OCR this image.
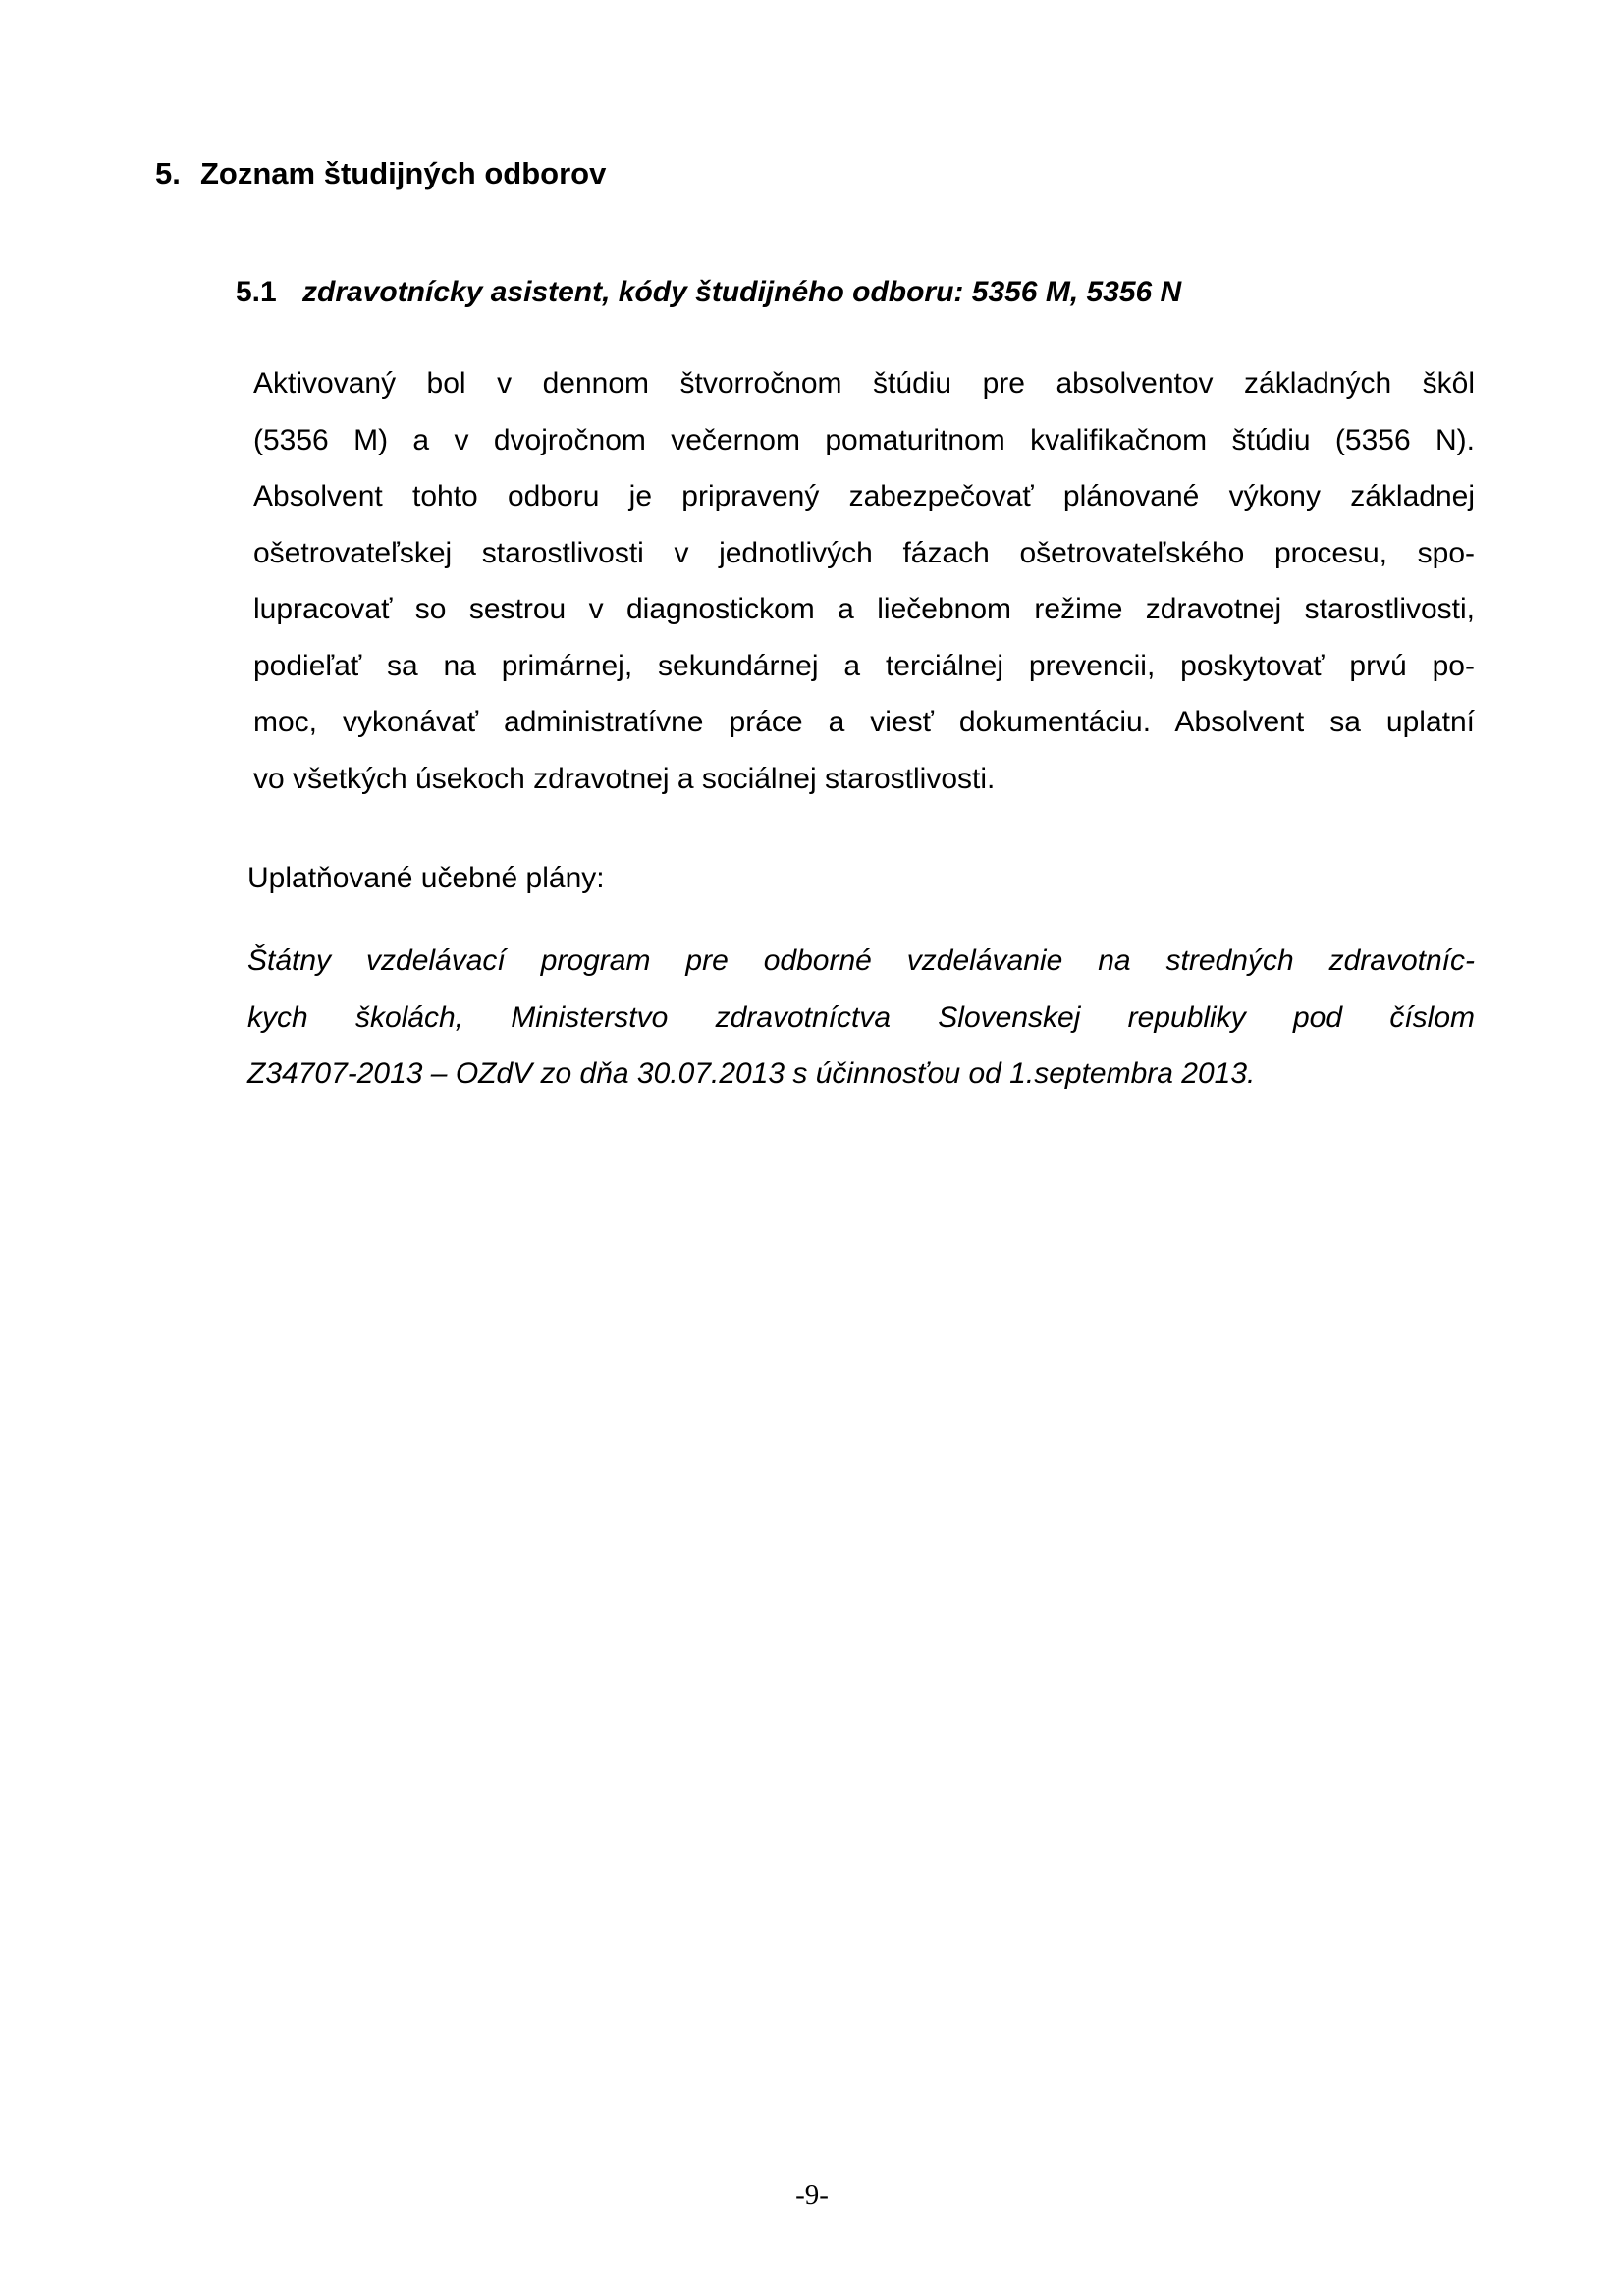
5. Zoznam študijných odborov
5.1 zdravotnícky asistent, kódy študijného odboru: 5356 M, 5356 N
Aktivovaný bol v dennom štvorročnom štúdiu pre absolventov základných škôl
(5356 M) a v dvojročnom večernom pomaturitnom kvalifikačnom štúdiu (5356 N).
Absolvent tohto odboru je pripravený zabezpečovať plánované výkony základnej
ošetrovateľskej starostlivosti v jednotlivých fázach ošetrovateľského procesu, spo-
lupracovať so sestrou v diagnostickom a liečebnom režime zdravotnej starostlivosti,
podieľať sa na primárnej, sekundárnej a terciálnej prevencii, poskytovať prvú po-
moc, vykonávať administratívne práce a viesť dokumentáciu. Absolvent sa uplatní
vo všetkých úsekoch zdravotnej a sociálnej starostlivosti.
Uplatňované učebné plány:
Štátny vzdelávací program pre odborné vzdelávanie na stredných zdravotníc-
kych školách, Ministerstvo zdravotníctva Slovenskej republiky pod číslom
Z34707-2013 – OZdV zo dňa 30.07.2013 s účinnosťou od 1.septembra 2013.
-9-
